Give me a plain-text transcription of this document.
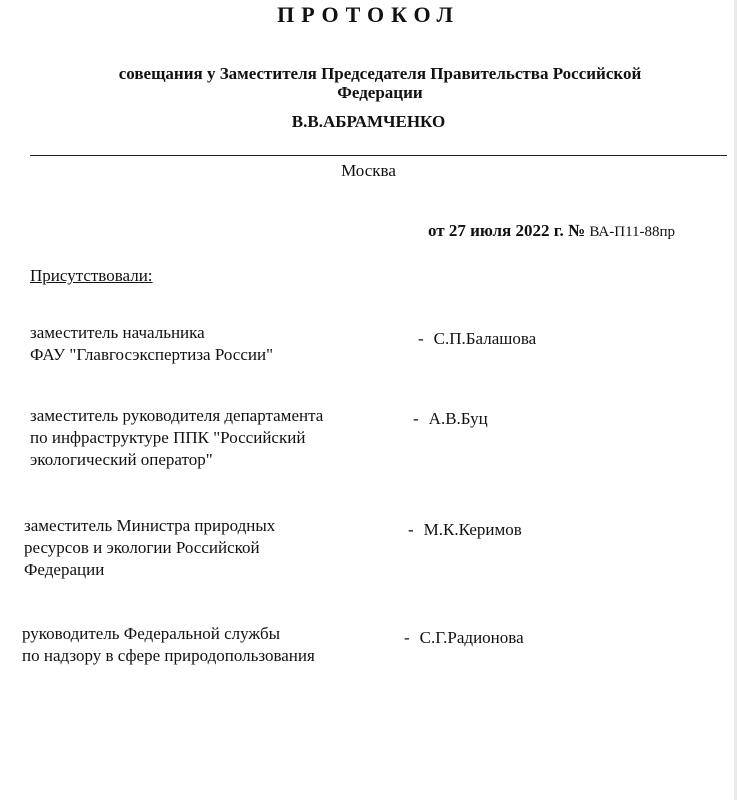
ПРОТОКОЛ
совещания у Заместителя Председателя Правительства Российской
Федерации
В.В.АБРАМЧЕНКО
Москва
от 27 июля 2022 г. № ВА-П11-88пр
Присутствовали:
заместитель начальника
ФАУ "Главгосэкспертиза России"
- С.П.Балашова
заместитель руководителя департамента
по инфраструктуре ППК "Российский
экологический оператор"
- А.В.Буц
заместитель Министра природных
ресурсов и экологии Российской
Федерации
- М.К.Керимов
руководитель Федеральной службы
по надзору в сфере природопользования
- С.Г.Радионова
